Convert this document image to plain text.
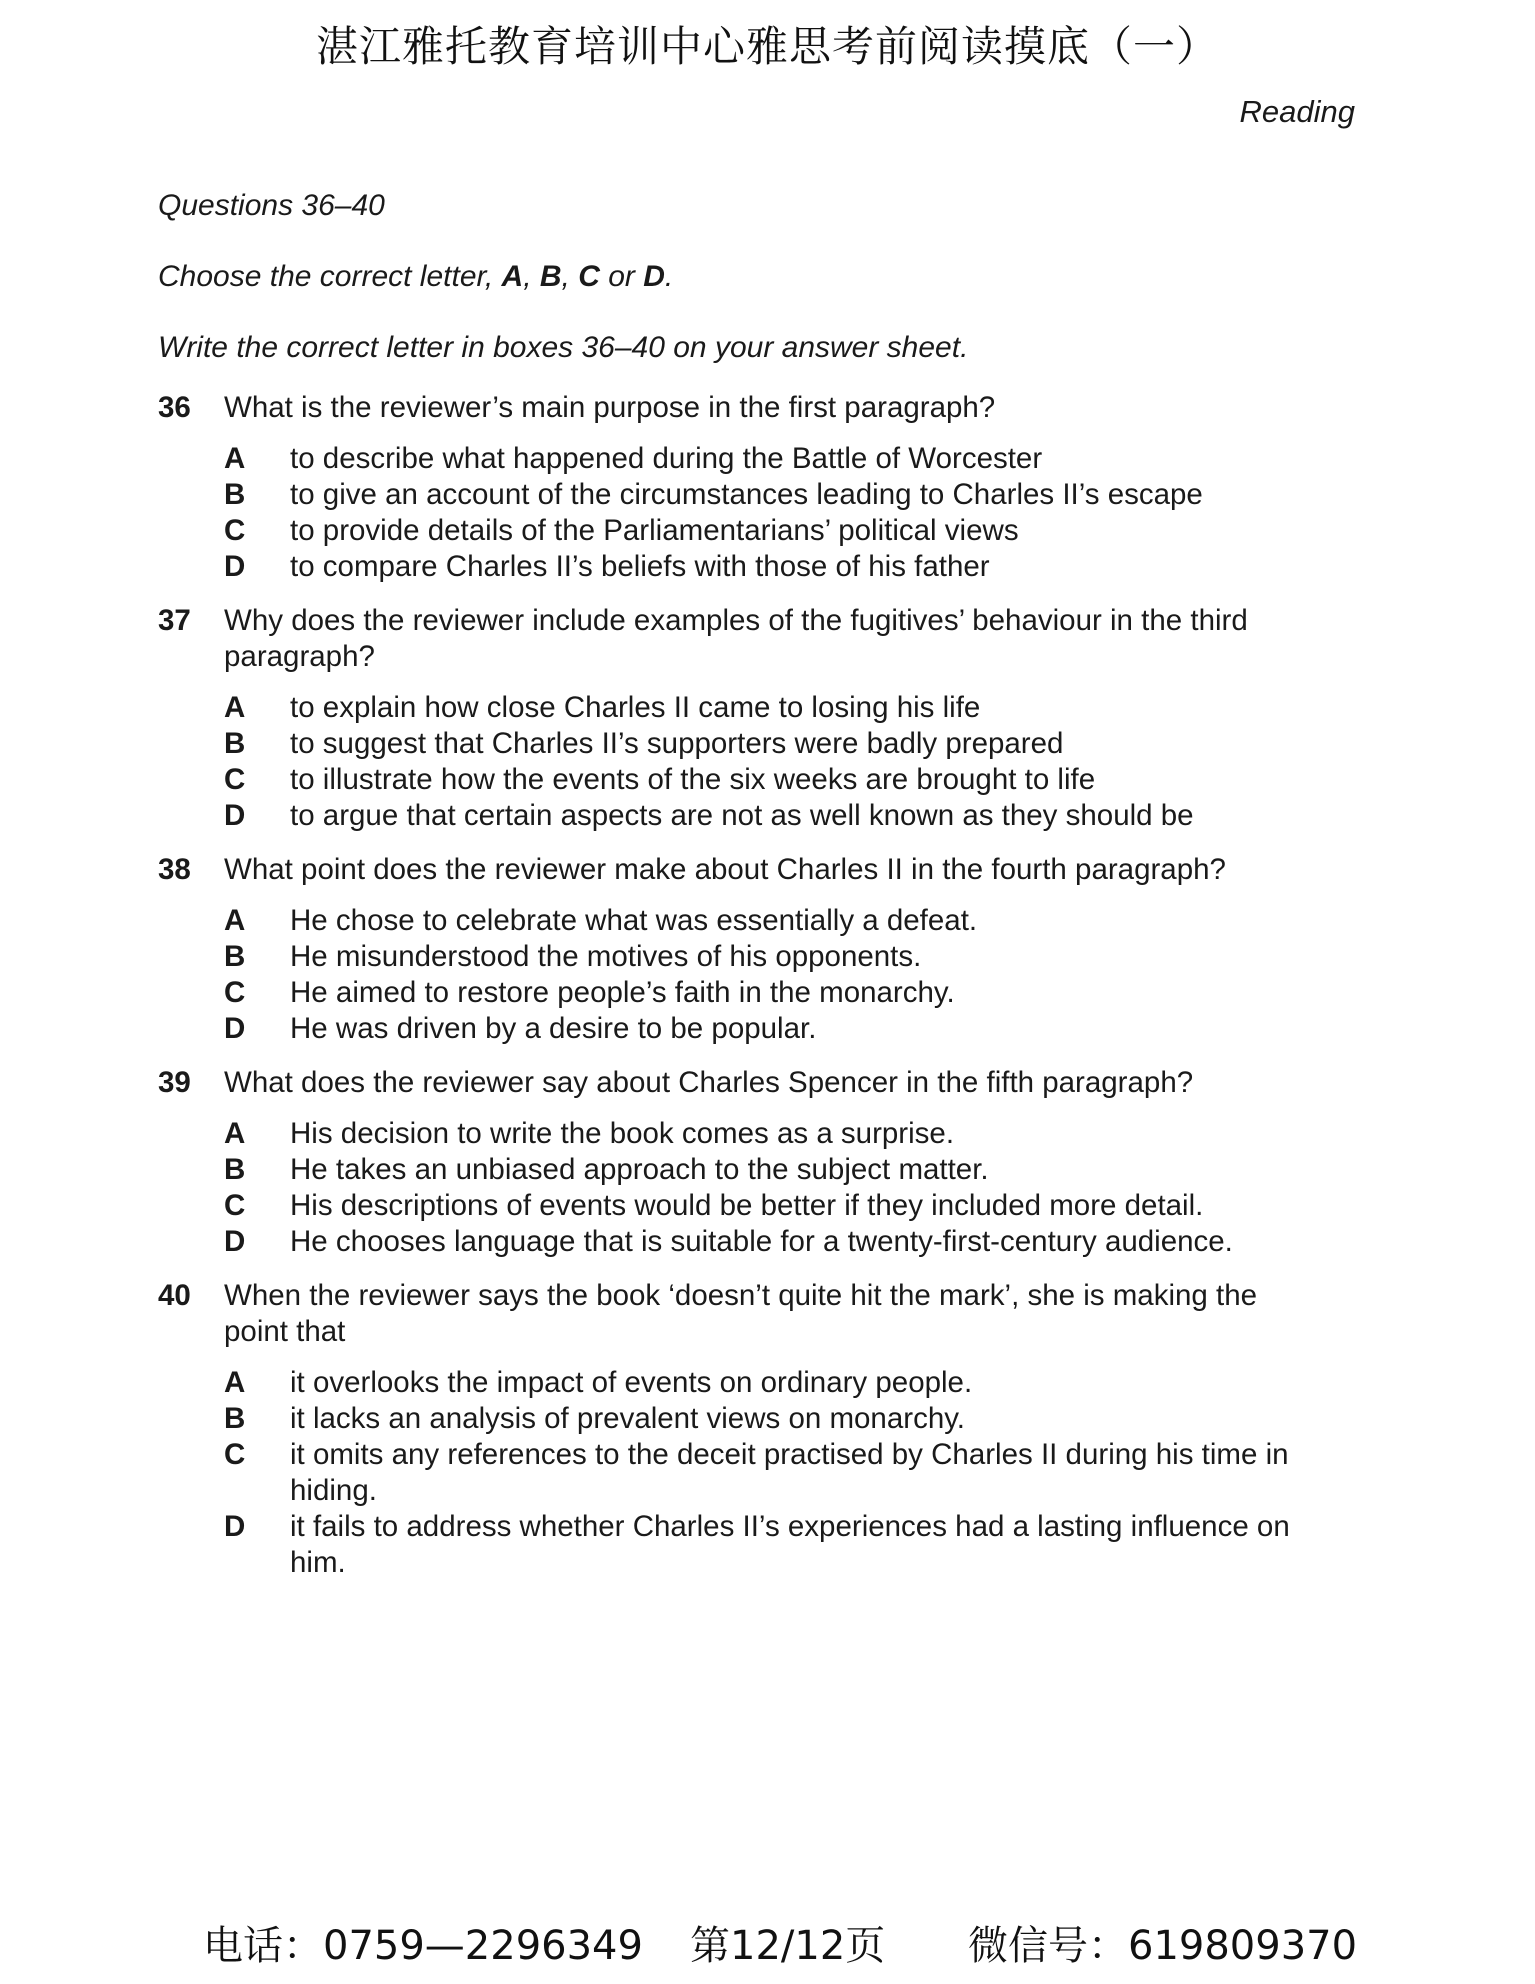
湛江雅托教育培训中心雅思考前阅读摸底（一）
Reading
Questions 36–40
Choose the correct letter, A, B, C or D.
Write the correct letter in boxes 36–40 on your answer sheet.
36	What is the reviewer’s main purpose in the first paragraph?
A	to describe what happened during the Battle of Worcester
B	to give an account of the circumstances leading to Charles II’s escape
C	to provide details of the Parliamentarians’ political views
D	to compare Charles II’s beliefs with those of his father
37	Why does the reviewer include examples of the fugitives’ behaviour in the third paragraph?
A	to explain how close Charles II came to losing his life
B	to suggest that Charles II’s supporters were badly prepared
C	to illustrate how the events of the six weeks are brought to life
D	to argue that certain aspects are not as well known as they should be
38	What point does the reviewer make about Charles II in the fourth paragraph?
A	He chose to celebrate what was essentially a defeat.
B	He misunderstood the motives of his opponents.
C	He aimed to restore people’s faith in the monarchy.
D	He was driven by a desire to be popular.
39	What does the reviewer say about Charles Spencer in the fifth paragraph?
A	His decision to write the book comes as a surprise.
B	He takes an unbiased approach to the subject matter.
C	His descriptions of events would be better if they included more detail.
D	He chooses language that is suitable for a twenty-first-century audience.
40	When the reviewer says the book ‘doesn’t quite hit the mark’, she is making the point that
A	it overlooks the impact of events on ordinary people.
B	it lacks an analysis of prevalent views on monarchy.
C	it omits any references to the deceit practised by Charles II during his time in hiding.
D	it fails to address whether Charles II’s experiences had a lasting influence on him.
电话：0759—2296349 第12/12页 微信号：619809370
